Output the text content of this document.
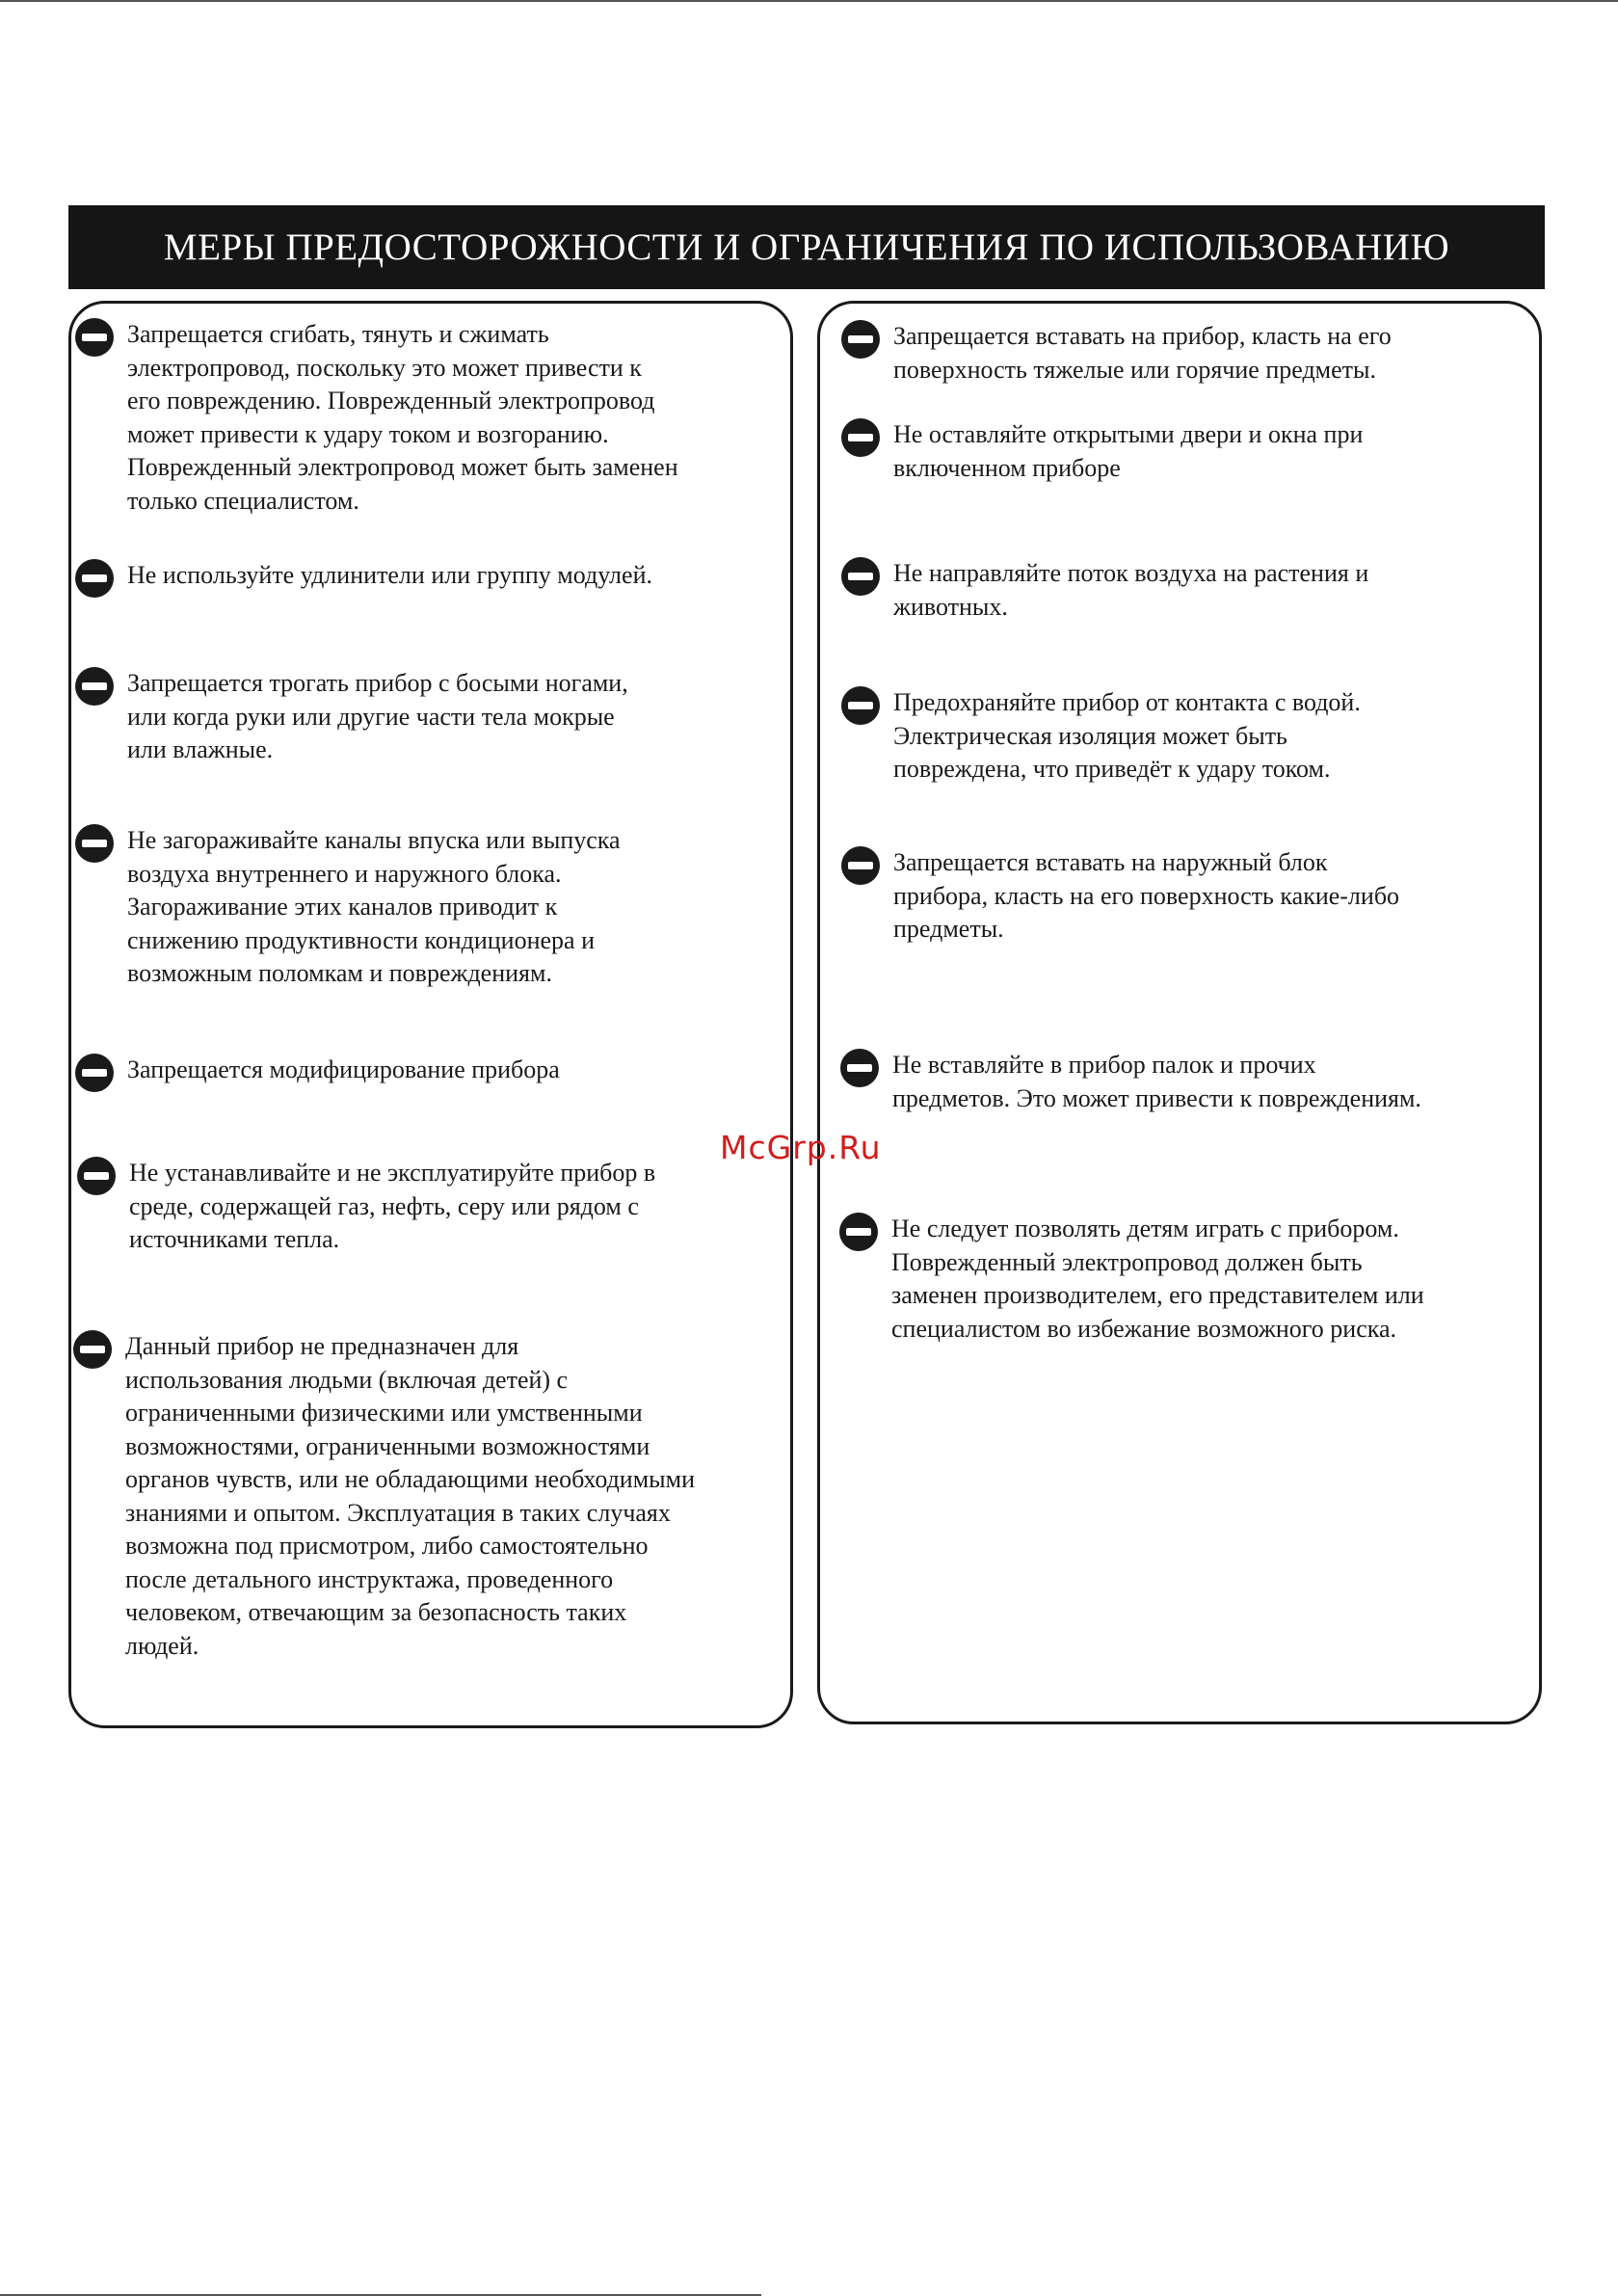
МЕРЫ ПРЕДОСТОРОЖНОСТИ И ОГРАНИЧЕНИЯ ПО ИСПОЛЬЗОВАНИЮ

Запрещается сгибать, тянуть и сжимать
электропровод, поскольку это может привести к
его повреждению. Поврежденный электропровод
может привести к удару током и возгоранию.
Поврежденный электропровод может быть заменен
только специалистом.

Не используйте удлинители или группу модулей.

Запрещается трогать прибор с босыми ногами,
или когда руки или другие части тела мокрые
или влажные.

Не загораживайте каналы впуска или выпуска
воздуха внутреннего и наружного блока.
Загораживание этих каналов приводит к
снижению продуктивности кондиционера и
возможным поломкам и повреждениям.

Запрещается модифицирование прибора

Не устанавливайте и не эксплуатируйте прибор в
среде, содержащей газ, нефть, серу или рядом с
источниками тепла.

Данный прибор не предназначен для
использования людьми (включая детей) с
ограниченными физическими или умственными
возможностями, ограниченными возможностями
органов чувств, или не обладающими необходимыми
знаниями и опытом. Эксплуатация в таких случаях
возможна под присмотром, либо самостоятельно
после детального инструктажа, проведенного
человеком, отвечающим за безопасность таких
людей.

Запрещается вставать на прибор, класть на его
поверхность тяжелые или горячие предметы.

Не оставляйте открытыми двери и окна при
включенном приборе

Не направляйте поток воздуха на растения и
животных.

Предохраняйте прибор от контакта с водой.
Электрическая изоляция может быть
повреждена, что приведёт к удару током.

Запрещается вставать на наружный блок
прибора, класть на его поверхность какие-либо
предметы.

Не вставляйте в прибор палок и прочих
предметов. Это может привести к повреждениям.

Не следует позволять детям играть с прибором.
Поврежденный электропровод должен быть
заменен производителем, его представителем или
специалистом во избежание возможного риска.

McGrp.Ru
